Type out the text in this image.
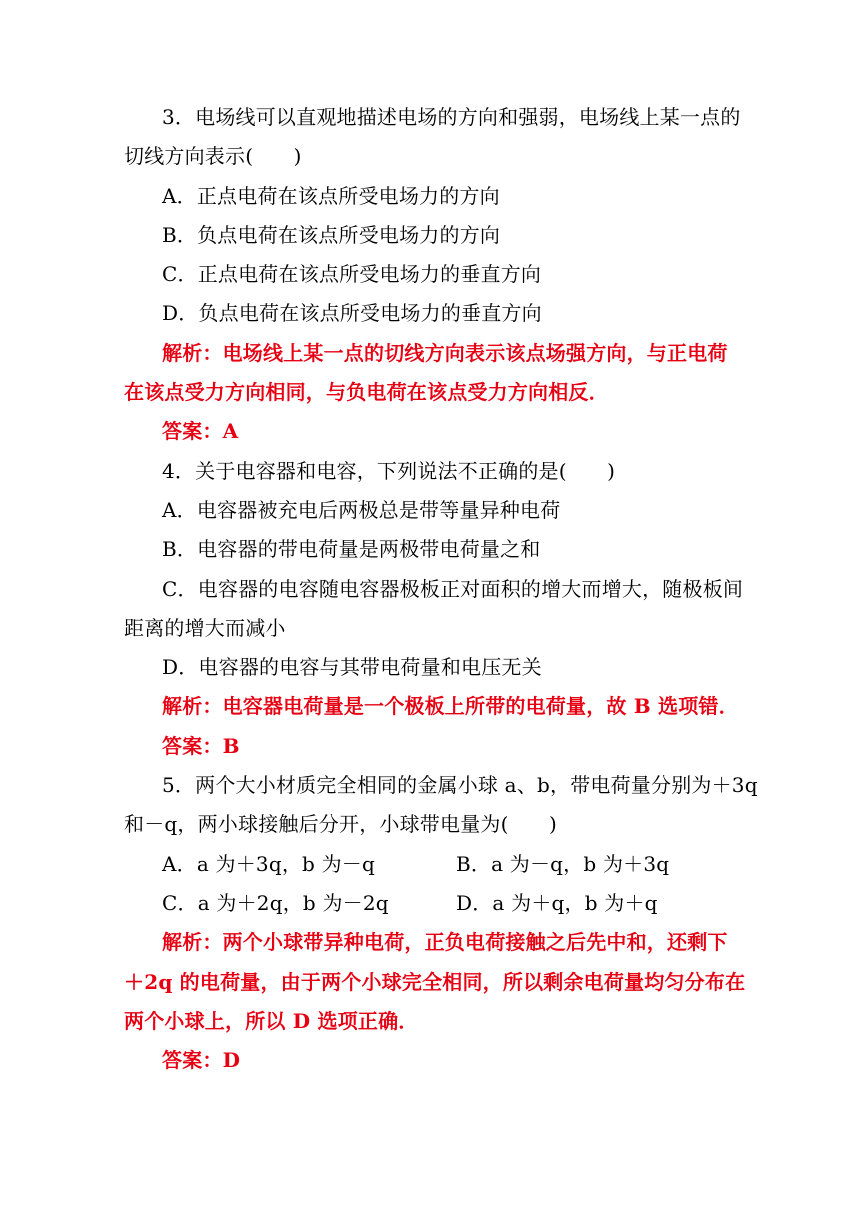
3．电场线可以直观地描述电场的方向和强弱，电场线上某一点的
切线方向表示(　　)
A．正点电荷在该点所受电场力的方向
B．负点电荷在该点所受电场力的方向
C．正点电荷在该点所受电场力的垂直方向
D．负点电荷在该点所受电场力的垂直方向
解析：电场线上某一点的切线方向表示该点场强方向，与正电荷
在该点受力方向相同，与负电荷在该点受力方向相反．
答案：A
4．关于电容器和电容，下列说法不正确的是(　　)
A．电容器被充电后两极总是带等量异种电荷
B．电容器的带电荷量是两极带电荷量之和
C．电容器的电容随电容器极板正对面积的增大而增大，随极板间
距离的增大而减小
D．电容器的电容与其带电荷量和电压无关
解析：电容器电荷量是一个极板上所带的电荷量，故 B 选项错．
答案：B
5．两个大小材质完全相同的金属小球 a、b，带电荷量分别为＋3q
和－q，两小球接触后分开，小球带电量为(　　)
A．a 为＋3q，b 为－q	B．a 为－q，b 为＋3q
C．a 为＋2q，b 为－2q	D．a 为＋q，b 为＋q
解析：两个小球带异种电荷，正负电荷接触之后先中和，还剩下
＋2q 的电荷量，由于两个小球完全相同，所以剩余电荷量均匀分布在
两个小球上，所以 D 选项正确．
答案：D
